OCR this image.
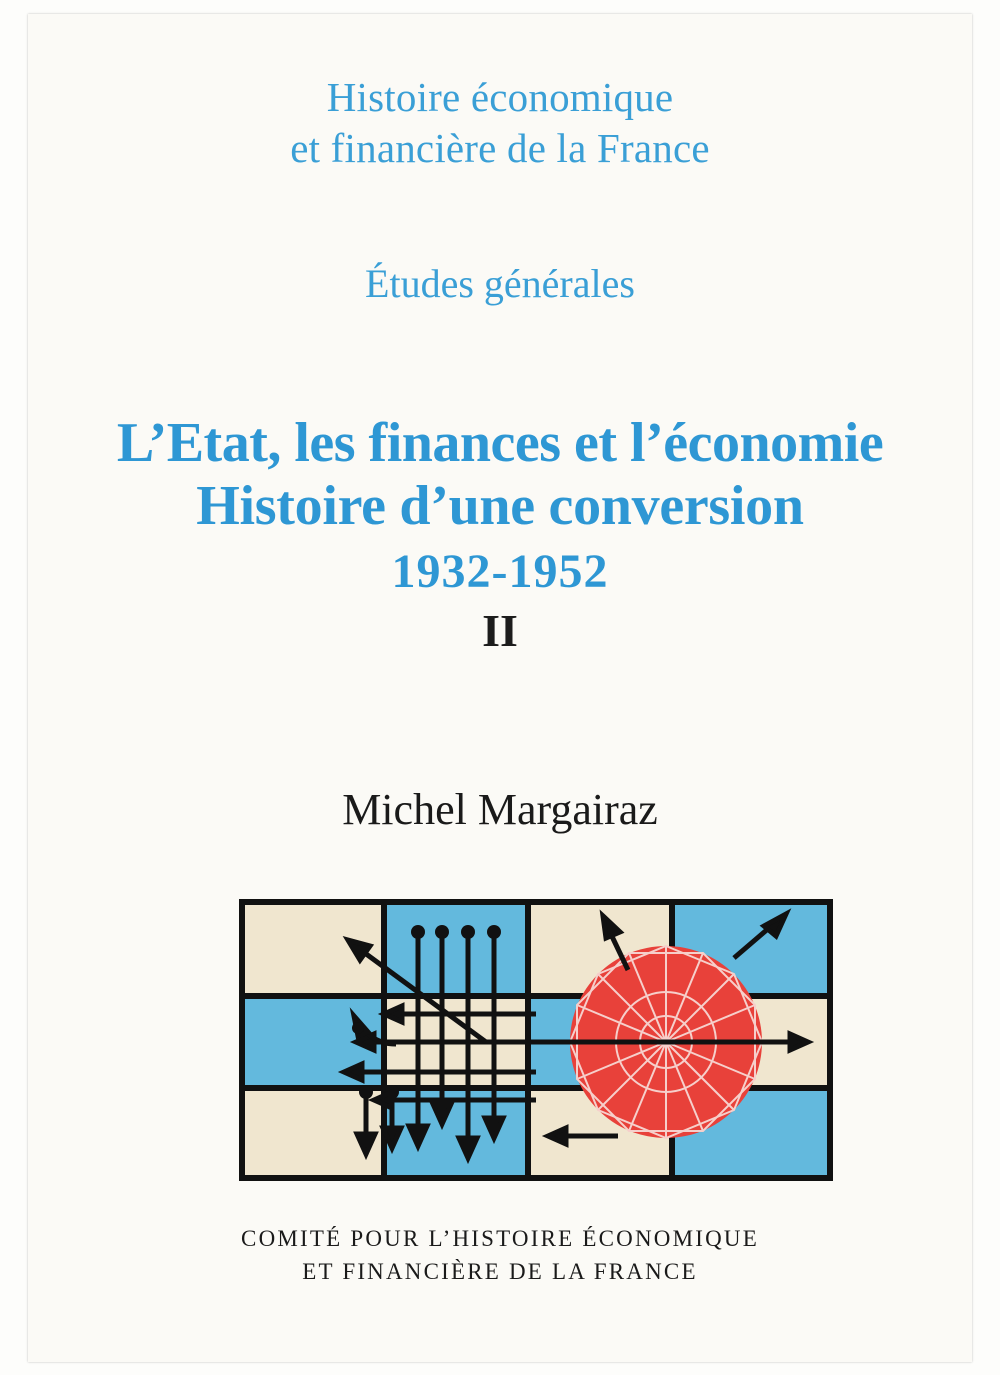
Histoire économique
et financière de la France
Études générales
L’Etat, les finances et l’économie
Histoire d’une conversion
1932-1952
II
Michel Margairaz
COMITÉ POUR L’HISTOIRE ÉCONOMIQUE
ET FINANCIÈRE DE LA FRANCE
